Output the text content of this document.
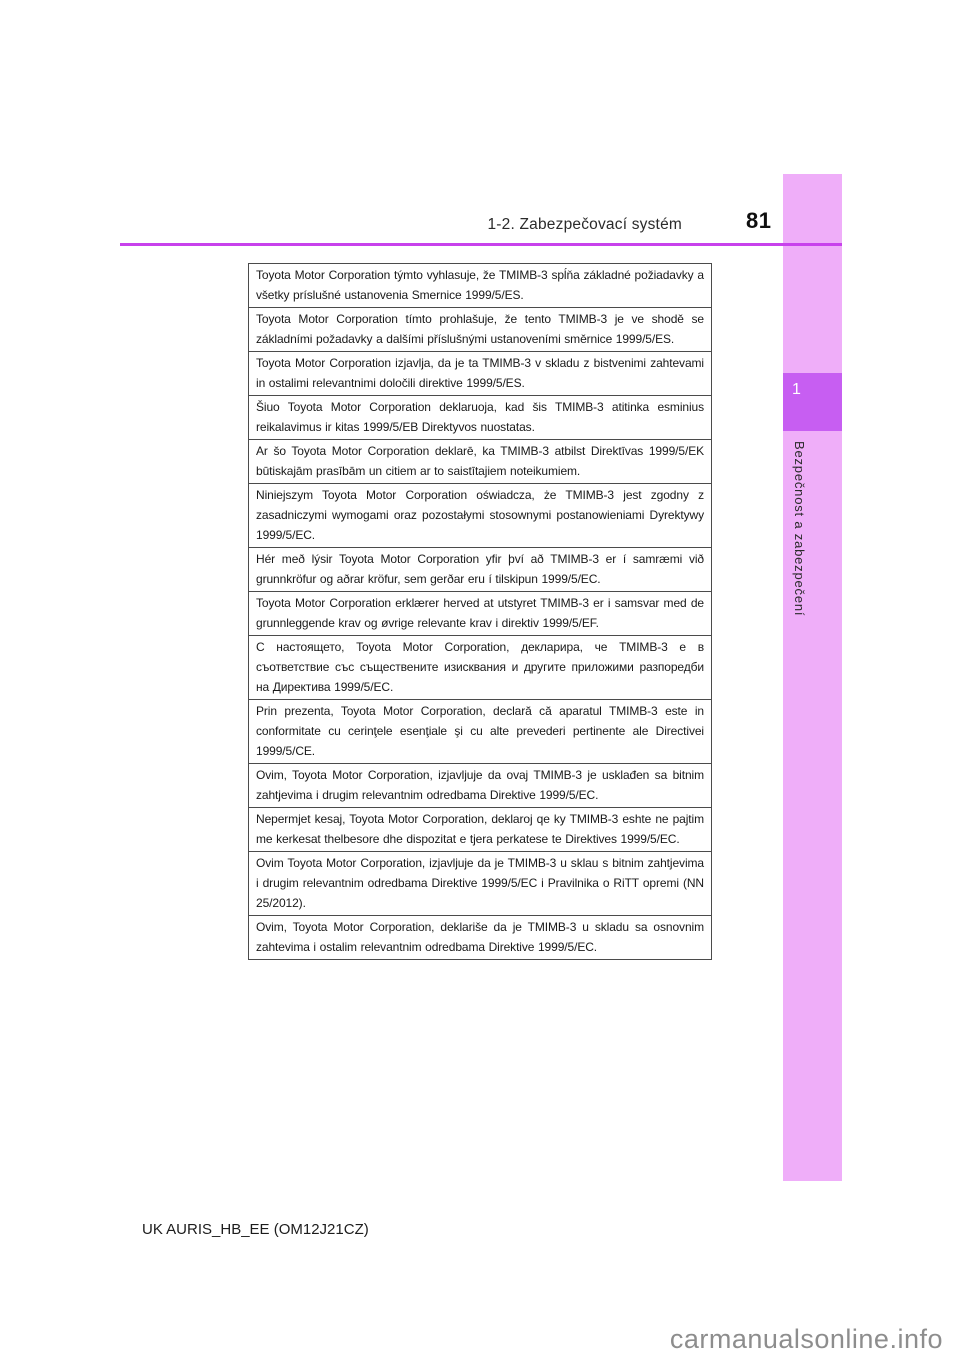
1-2. Zabezpečovací systém	81
1
Bezpečnost a zabezpečení
Toyota Motor Corporation týmto vyhlasuje, že TMIMB-3 spĺňa základné požiadavky a všetky príslušné ustanovenia Smernice 1999/5/ES.
Toyota Motor Corporation tímto prohlašuje, že tento TMIMB-3 je ve shodě se základními požadavky a dalšími příslušnými ustanoveními směrnice 1999/5/ES.
Toyota Motor Corporation izjavlja, da je ta TMIMB-3 v skladu z bistvenimi zahtevami in ostalimi relevantnimi določili direktive 1999/5/ES.
Šiuo Toyota Motor Corporation deklaruoja, kad šis TMIMB-3 atitinka esminius reikalavimus ir kitas 1999/5/EB Direktyvos nuostatas.
Ar šo Toyota Motor Corporation deklarē, ka TMIMB-3 atbilst Direktīvas 1999/5/EK būtiskajām prasībām un citiem ar to saistītajiem noteikumiem.
Niniejszym Toyota Motor Corporation oświadcza, że TMIMB-3 jest zgodny z zasadniczymi wymogami oraz pozostałymi stosownymi postanowieniami Dyrektywy 1999/5/EC.
Hér með lýsir Toyota Motor Corporation yfir því að TMIMB-3 er í samræmi við grunnkröfur og aðrar kröfur, sem gerðar eru í tilskipun 1999/5/EC.
Toyota Motor Corporation erklærer herved at utstyret TMIMB-3 er i samsvar med de grunnleggende krav og øvrige relevante krav i direktiv 1999/5/EF.
С настоящето, Toyota Motor Corporation, декларира, че TMIMB-3 е в съответствие със съществените изисквания и другите приложими разпоредби на Директива 1999/5/EC.
Prin prezenta, Toyota Motor Corporation, declară că aparatul TMIMB-3 este in conformitate cu cerinţele esenţiale şi cu alte prevederi pertinente ale Directivei 1999/5/CE.
Ovim, Toyota Motor Corporation, izjavljuje da ovaj TMIMB-3 je usklađen sa bitnim zahtjevima i drugim relevantnim odredbama Direktive 1999/5/EC.
Nepermjet kesaj, Toyota Motor Corporation, deklaroj qe ky TMIMB-3 eshte ne pajtim me kerkesat thelbesore dhe dispozitat e tjera perkatese te Direktives 1999/5/EC.
Ovim Toyota Motor Corporation, izjavljuje da je TMIMB-3 u sklau s bitnim zahtjevima i drugim relevantnim odredbama Direktive 1999/5/EC i Pravilnika o RiTT opremi (NN 25/2012).
Ovim, Toyota Motor Corporation, deklariše da je TMIMB-3 u skladu sa osnovnim zahtevima i ostalim relevantnim odredbama Direktive 1999/5/EC.
UK AURIS_HB_EE (OM12J21CZ)
carmanualsonline.info
